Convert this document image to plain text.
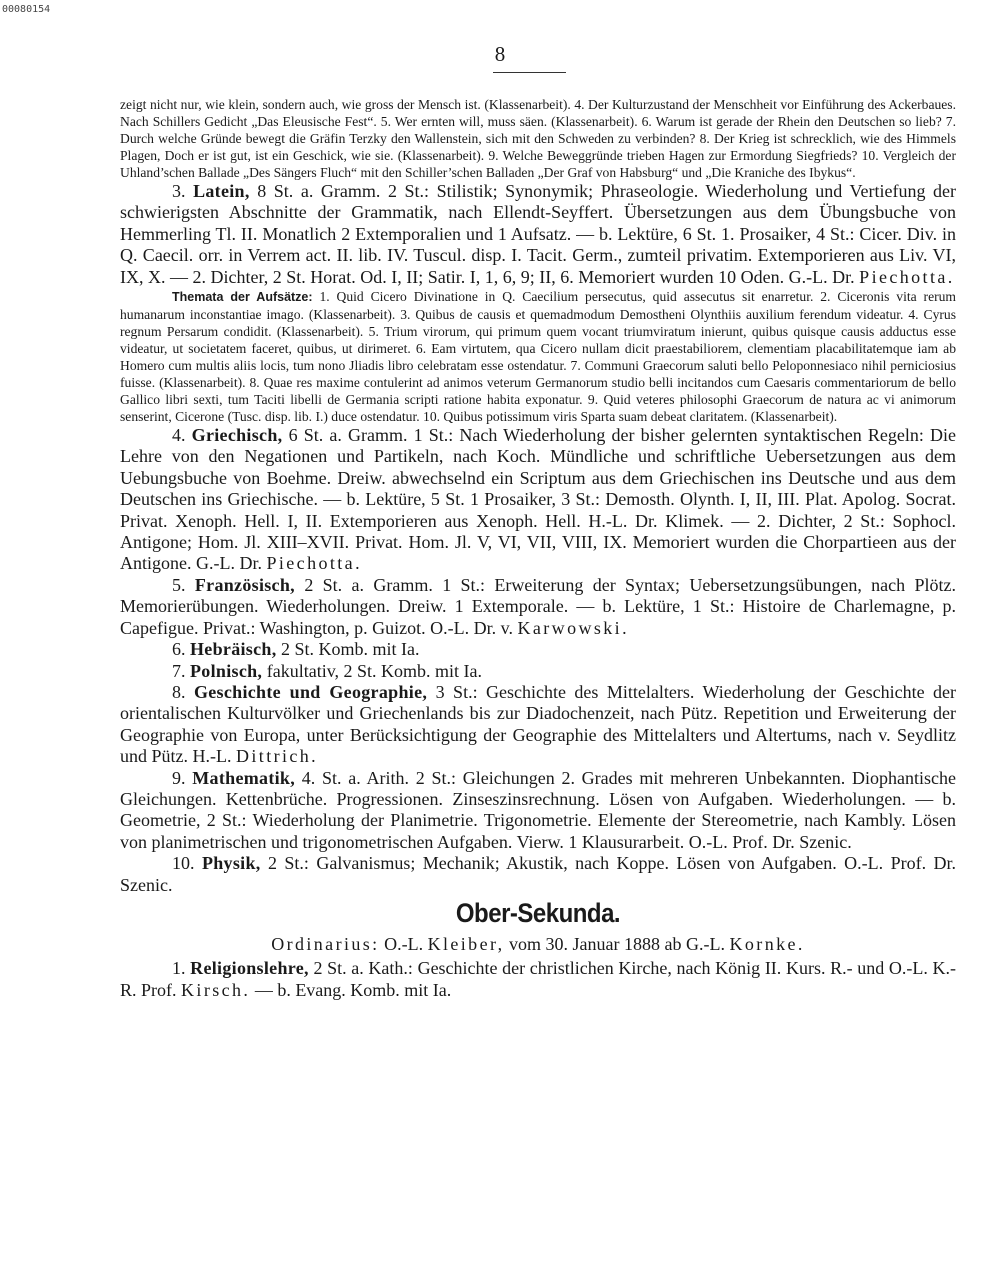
00080154
8

zeigt nicht nur, wie klein, sondern auch, wie gross der Mensch ist. (Klassenarbeit). 4. Der Kulturzustand der Menschheit vor Einführung des Ackerbaues. Nach Schillers Gedicht „Das Eleusische Fest“. 5. Wer ernten will, muss säen. (Klassenarbeit). 6. Warum ist gerade der Rhein den Deutschen so lieb? 7. Durch welche Gründe bewegt die Gräfin Terzky den Wallenstein, sich mit den Schweden zu verbinden? 8. Der Krieg ist schrecklich, wie des Himmels Plagen, Doch er ist gut, ist ein Geschick, wie sie. (Klassenarbeit). 9. Welche Beweggründe trieben Hagen zur Ermordung Siegfrieds? 10. Vergleich der Uhland’schen Ballade „Des Sängers Fluch“ mit den Schiller’schen Balladen „Der Graf von Habsburg“ und „Die Kraniche des Ibykus“.

3. Latein, 8 St. a. Gramm. 2 St.: Stilistik; Synonymik; Phraseologie. Wiederholung und Vertiefung der schwierigsten Abschnitte der Grammatik, nach Ellendt-Seyffert. Übersetzungen aus dem Übungsbuche von Hemmerling Tl. II. Monatlich 2 Extemporalien und 1 Aufsatz. — b. Lektüre, 6 St. 1. Prosaiker, 4 St.: Cicer. Div. in Q. Caecil. orr. in Verrem act. II. lib. IV. Tuscul. disp. I. Tacit. Germ., zumteil privatim. Extemporieren aus Liv. VI, IX, X. — 2. Dichter, 2 St. Horat. Od. I, II; Satir. I, 1, 6, 9; II, 6. Memoriert wurden 10 Oden. G.-L. Dr. Piechotta.

Themata der Aufsätze: 1. Quid Cicero Divinatione in Q. Caecilium persecutus, quid assecutus sit enarretur. 2. Ciceronis vita rerum humanarum inconstantiae imago. (Klassenarbeit). 3. Quibus de causis et quemadmodum Demostheni Olynthiis auxilium ferendum videatur. 4. Cyrus regnum Persarum condidit. (Klassenarbeit). 5. Trium virorum, qui primum quem vocant triumviratum inierunt, quibus quisque causis adductus esse videatur, ut societatem faceret, quibus, ut dirimeret. 6. Eam virtutem, qua Cicero nullam dicit praestabiliorem, clementiam placabilitatemque iam ab Homero cum multis aliis locis, tum nono Jliadis libro celebratam esse ostendatur. 7. Communi Graecorum saluti bello Peloponnesiaco nihil perniciosius fuisse. (Klassenarbeit). 8. Quae res maxime contulerint ad animos veterum Germanorum studio belli incitandos cum Caesaris commentariorum de bello Gallico libri sexti, tum Taciti libelli de Germania scripti ratione habita exponatur. 9. Quid veteres philosophi Graecorum de natura ac vi animorum senserint, Cicerone (Tusc. disp. lib. I.) duce ostendatur. 10. Quibus potissimum viris Sparta suam debeat claritatem. (Klassenarbeit).

4. Griechisch, 6 St. a. Gramm. 1 St.: Nach Wiederholung der bisher gelernten syntaktischen Regeln: Die Lehre von den Negationen und Partikeln, nach Koch. Mündliche und schriftliche Uebersetzungen aus dem Uebungsbuche von Boehme. Dreiw. abwechselnd ein Scriptum aus dem Griechischen ins Deutsche und aus dem Deutschen ins Griechische. — b. Lektüre, 5 St. 1 Prosaiker, 3 St.: Demosth. Olynth. I, II, III. Plat. Apolog. Socrat. Privat. Xenoph. Hell. I, II. Extemporieren aus Xenoph. Hell. H.-L. Dr. Klimek. — 2. Dichter, 2 St.: Sophocl. Antigone; Hom. Jl. XIII–XVII. Privat. Hom. Jl. V, VI, VII, VIII, IX. Memoriert wurden die Chorpartieen aus der Antigone. G.-L. Dr. Piechotta.

5. Französisch, 2 St. a. Gramm. 1 St.: Erweiterung der Syntax; Uebersetzungsübungen, nach Plötz. Memorierübungen. Wiederholungen. Dreiw. 1 Extemporale. — b. Lektüre, 1 St.: Histoire de Charlemagne, p. Capefigue. Privat.: Washington, p. Guizot. O.-L. Dr. v. Karwowski.

6. Hebräisch, 2 St. Komb. mit Ia.

7. Polnisch, fakultativ, 2 St. Komb. mit Ia.

8. Geschichte und Geographie, 3 St.: Geschichte des Mittelalters. Wiederholung der Geschichte der orientalischen Kulturvölker und Griechenlands bis zur Diadochenzeit, nach Pütz. Repetition und Erweiterung der Geographie von Europa, unter Berücksichtigung der Geographie des Mittelalters und Altertums, nach v. Seydlitz und Pütz. H.-L. Dittrich.

9. Mathematik, 4. St. a. Arith. 2 St.: Gleichungen 2. Grades mit mehreren Unbekannten. Diophantische Gleichungen. Kettenbrüche. Progressionen. Zinseszinsrechnung. Lösen von Aufgaben. Wiederholungen. — b. Geometrie, 2 St.: Wiederholung der Planimetrie. Trigonometrie. Elemente der Stereometrie, nach Kambly. Lösen von planimetrischen und trigonometrischen Aufgaben. Vierw. 1 Klausurarbeit. O.-L. Prof. Dr. Szenic.

10. Physik, 2 St.: Galvanismus; Mechanik; Akustik, nach Koppe. Lösen von Aufgaben. O.-L. Prof. Dr. Szenic.

Ober-Sekunda.

Ordinarius: O.-L. Kleiber, vom 30. Januar 1888 ab G.-L. Kornke.

1. Religionslehre, 2 St. a. Kath.: Geschichte der christlichen Kirche, nach König II. Kurs. R.- und O.-L. K.-R. Prof. Kirsch. — b. Evang. Komb. mit Ia.
